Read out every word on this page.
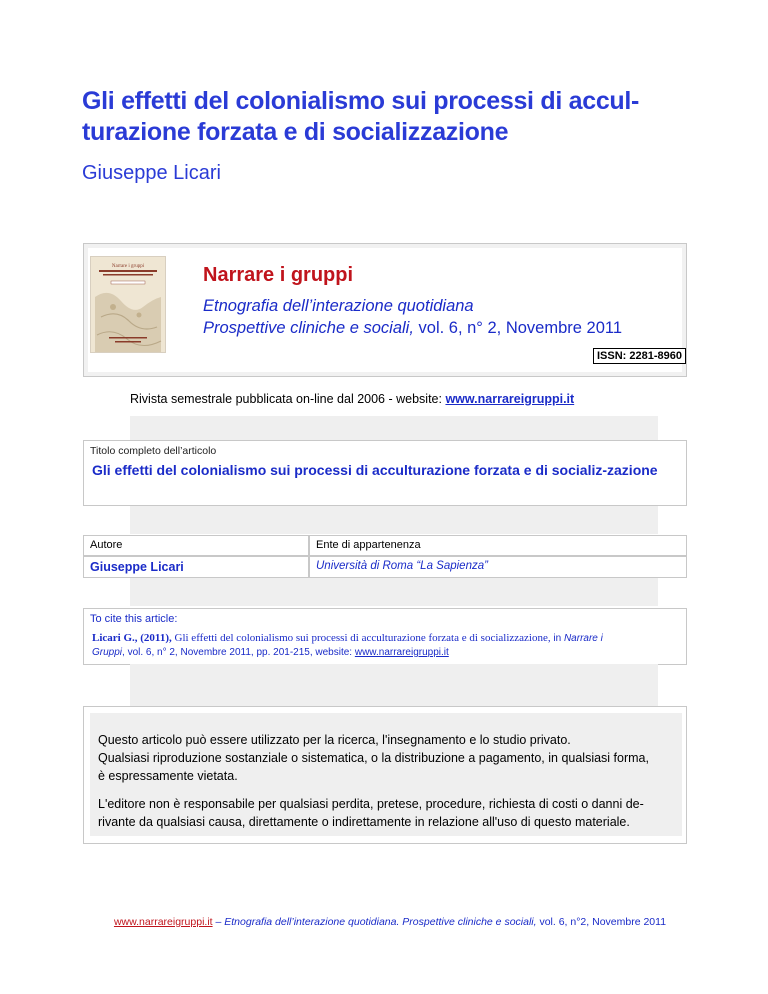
Gli effetti del colonialismo sui processi di accul-
turazione forzata e di socializzazione
Giuseppe Licari
Narrare i gruppi	Narrare i gruppi
Etnografia dell’interazione quotidiana
Prospettive cliniche e sociali, vol. 6, n° 2, Novembre 2011
ISSN: 2281-8960
Rivista semestrale pubblicata on-line dal 2006 - website: www.narrareigruppi.it
Titolo completo dell’articolo
Gli effetti del colonialismo sui processi di acculturazione forzata e di socializ-zazione
Autore	Ente di appartenenza
Giuseppe Licari	Università di Roma “La Sapienza”
To cite this article:
Licari G., (2011), Gli effetti del colonialismo sui processi di acculturazione forzata e di socializzazione, in Narrare i
Gruppi, vol. 6, n° 2, Novembre 2011, pp. 201-215, website: www.narrareigruppi.it

Questo articolo può essere utilizzato per la ricerca, l'insegnamento e lo studio privato.
Qualsiasi riproduzione sostanziale o sistematica, o la distribuzione a pagamento, in qualsiasi forma,
è espressamente vietata.

L'editore non è responsabile per qualsiasi perdita, pretese, procedure, richiesta di costi o danni de-
rivante da qualsiasi causa, direttamente o indirettamente in relazione all'uso di questo materiale.

www.narrareigruppi.it – Etnografia dell’interazione quotidiana. Prospettive cliniche e sociali, vol. 6, n°2, Novembre 2011
